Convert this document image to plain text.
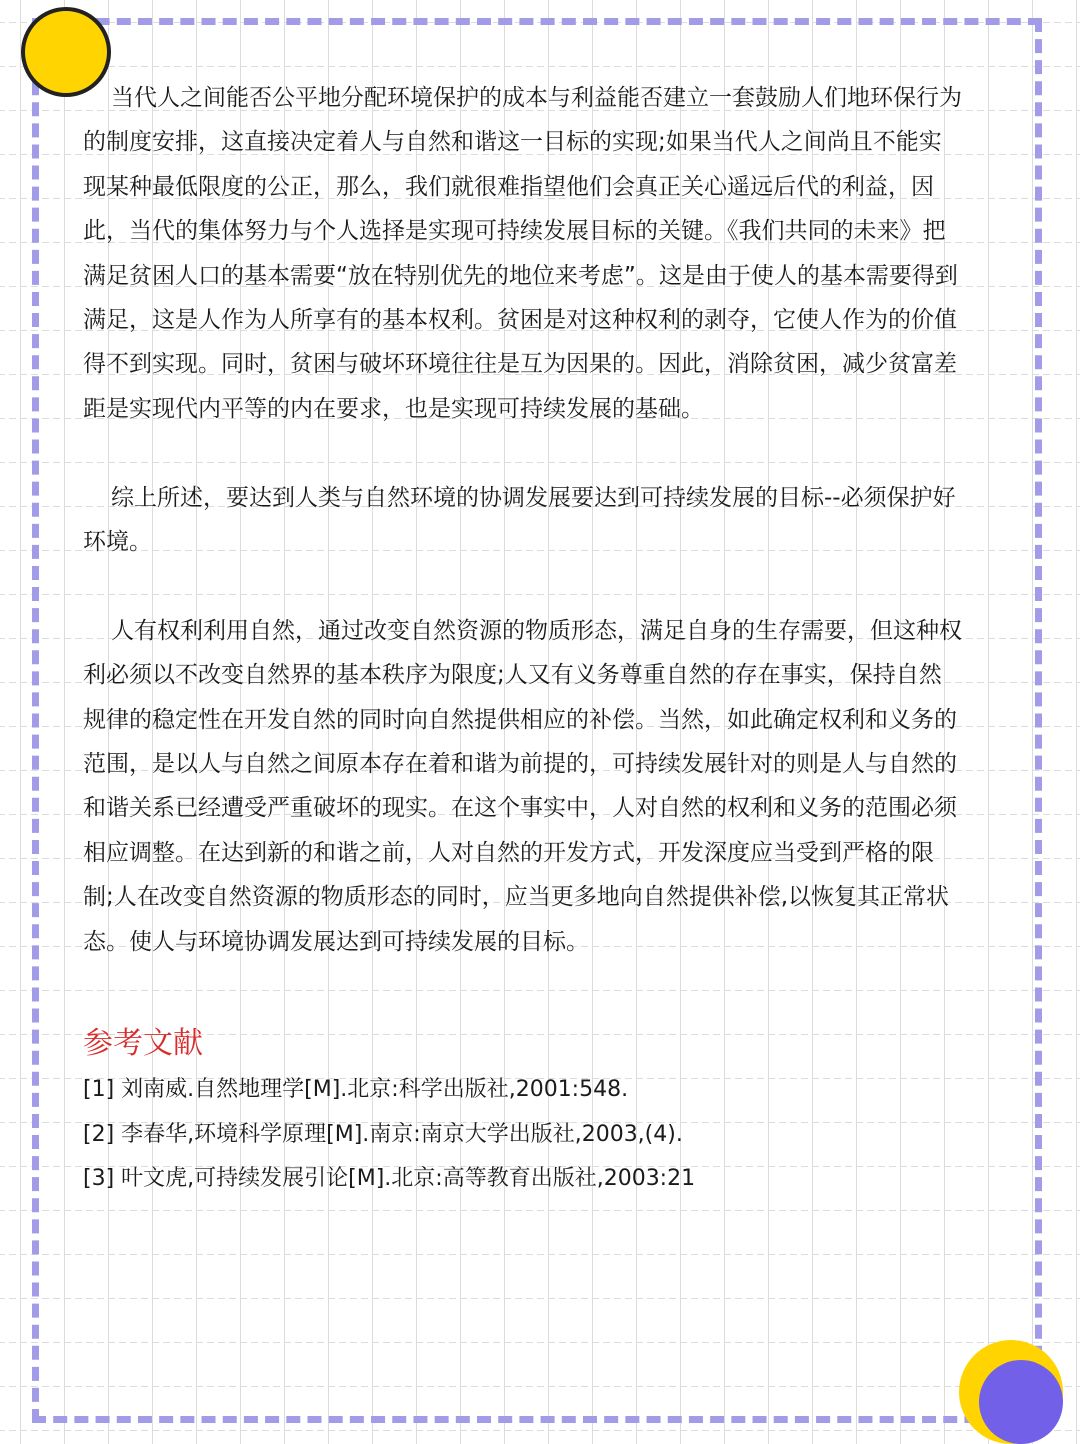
当代人之间能否公平地分配环境保护的成本与利益能否建立一套鼓励人们地环保行为的制度安排，这直接决定着人与自然和谐这一目标的实现;如果当代人之间尚且不能实现某种最低限度的公正，那么，我们就很难指望他们会真正关心遥远后代的利益，因此，当代的集体努力与个人选择是实现可持续发展目标的关键。《我们共同的未来》把满足贫困人口的基本需要“放在特别优先的地位来考虑”。这是由于使人的基本需要得到满足，这是人作为人所享有的基本权利。贫困是对这种权利的剥夺，它使人作为的价值得不到实现。同时，贫困与破坏环境往往是互为因果的。因此，消除贫困，减少贫富差距是实现代内平等的内在要求，也是实现可持续发展的基础。

综上所述，要达到人类与自然环境的协调发展要达到可持续发展的目标--必须保护好环境。

人有权利利用自然，通过改变自然资源的物质形态，满足自身的生存需要，但这种权利必须以不改变自然界的基本秩序为限度;人又有义务尊重自然的存在事实，保持自然规律的稳定性在开发自然的同时向自然提供相应的补偿。当然，如此确定权利和义务的范围，是以人与自然之间原本存在着和谐为前提的，可持续发展针对的则是人与自然的和谐关系已经遭受严重破坏的现实。在这个事实中，人对自然的权利和义务的范围必须相应调整。在达到新的和谐之前，人对自然的开发方式，开发深度应当受到严格的限制;人在改变自然资源的物质形态的同时，应当更多地向自然提供补偿,以恢复其正常状态。使人与环境协调发展达到可持续发展的目标。

参考文献

[1] 刘南威.自然地理学[M].北京:科学出版社,2001:548.

[2] 李春华,环境科学原理[M].南京:南京大学出版社,2003,(4).

[3] 叶文虎,可持续发展引论[M].北京:高等教育出版社,2003:21
